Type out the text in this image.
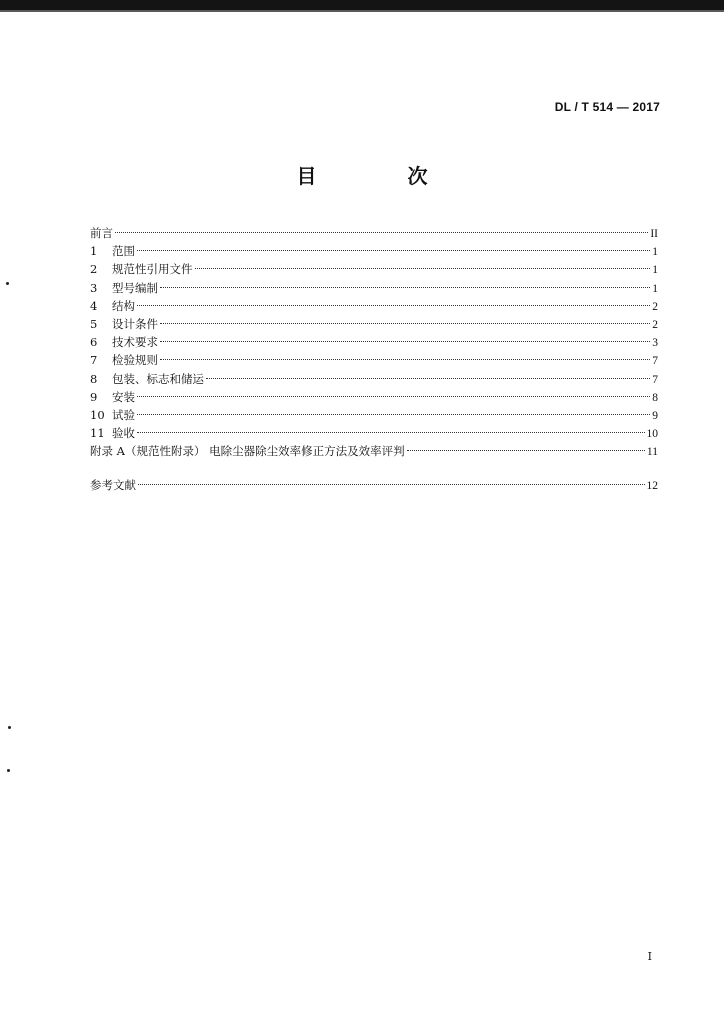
DL / T 514 — 2017
目 次
前言	II
1	范围	1
2	规范性引用文件	1
3	型号编制	1
4	结构	2
5	设计条件	2
6	技术要求	3
7	检验规则	7
8	包装、标志和储运	7
9	安装	8
10 试验	9
11 验收	10
附录 A（规范性附录） 电除尘器除尘效率修正方法及效率评判	11
参考文献	12
I
